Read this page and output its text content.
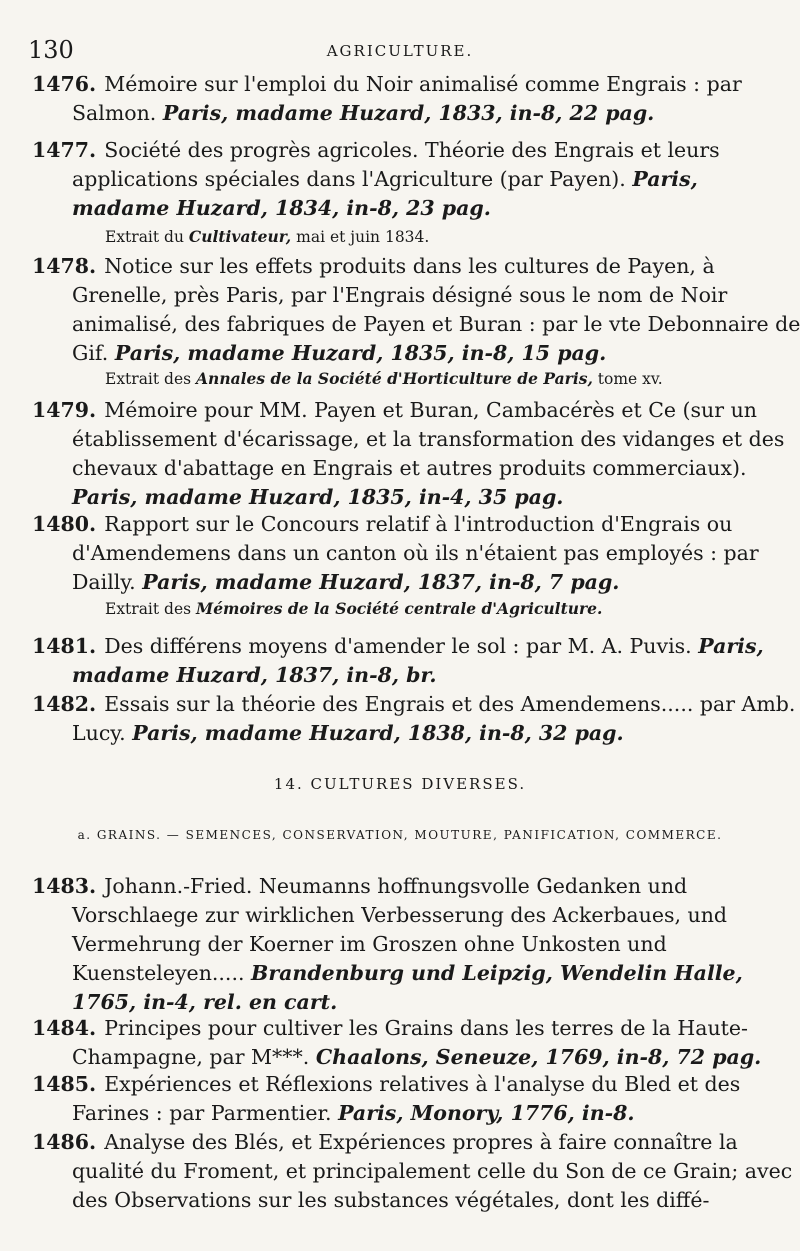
130	AGRICULTURE.
1476. Mémoire sur l'emploi du Noir animalisé comme Engrais : par Salmon. Paris, madame Huzard, 1833, in-8, 22 pag.
1477. Société des progrès agricoles. Théorie des Engrais et leurs applications spéciales dans l'Agriculture (par Payen). Paris, madame Huzard, 1834, in-8, 23 pag.
Extrait du Cultivateur, mai et juin 1834.
1478. Notice sur les effets produits dans les cultures de Payen, à Grenelle, près Paris, par l'Engrais désigné sous le nom de Noir animalisé, des fabriques de Payen et Buran : par le vte Debonnaire de Gif. Paris, madame Huzard, 1835, in-8, 15 pag.
Extrait des Annales de la Société d'Horticulture de Paris, tome xv.
1479. Mémoire pour MM. Payen et Buran, Cambacérès et Ce (sur un établissement d'écarissage, et la transformation des vidanges et des chevaux d'abattage en Engrais et autres produits commerciaux). Paris, madame Huzard, 1835, in-4, 35 pag.
1480. Rapport sur le Concours relatif à l'introduction d'Engrais ou d'Amendemens dans un canton où ils n'étaient pas employés : par Dailly. Paris, madame Huzard, 1837, in-8, 7 pag.
Extrait des Mémoires de la Société centrale d'Agriculture.
1481. Des différens moyens d'amender le sol : par M. A. Puvis. Paris, madame Huzard, 1837, in-8, br.
1482. Essais sur la théorie des Engrais et des Amendemens..... par Amb. Lucy. Paris, madame Huzard, 1838, in-8, 32 pag.
14. CULTURES DIVERSES.
a. GRAINS. — SEMENCES, CONSERVATION, MOUTURE, PANIFICATION, COMMERCE.
1483. Johann.-Fried. Neumanns hoffnungsvolle Gedanken und Vorschlaege zur wirklichen Verbesserung des Ackerbaues, und Vermehrung der Koerner im Groszen ohne Unkosten und Kuensteleyen..... Brandenburg und Leipzig, Wendelin Halle, 1765, in-4, rel. en cart.
1484. Principes pour cultiver les Grains dans les terres de la Haute-Champagne, par M***. Chaalons, Seneuze, 1769, in-8, 72 pag.
1485. Expériences et Réflexions relatives à l'analyse du Bled et des Farines : par Parmentier. Paris, Monory, 1776, in-8.
1486. Analyse des Blés, et Expériences propres à faire connaître la qualité du Froment, et principalement celle du Son de ce Grain; avec des Observations sur les substances végétales, dont les diffé-
